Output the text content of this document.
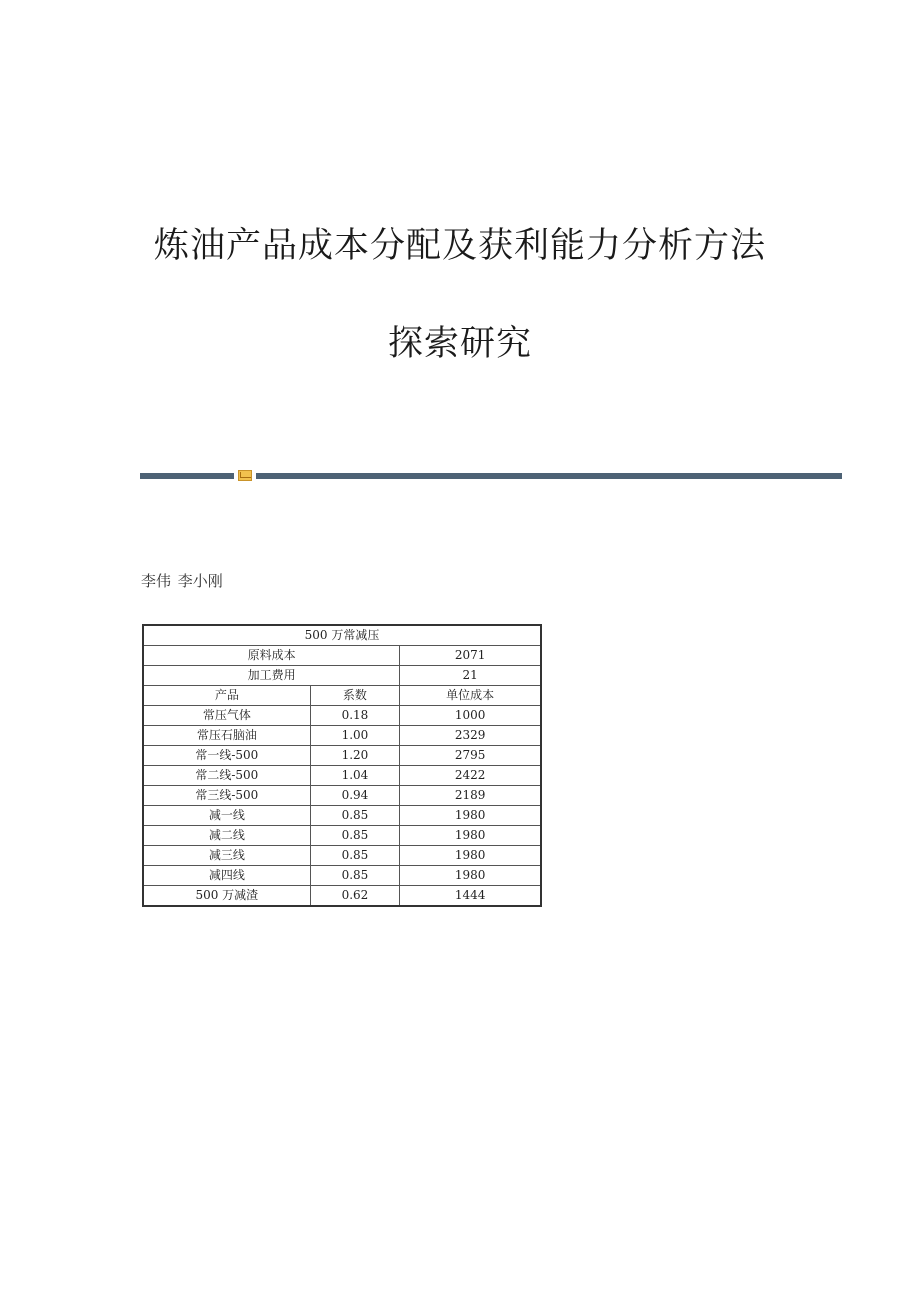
炼油产品成本分配及获利能力分析方法
探索研究
李伟 李小刚
500 万常减压		
原料成本		2071
加工费用		21
产品	系数	单位成本
常压气体	0.18	1000
常压石脑油	1.00	2329
常一线-500	1.20	2795
常二线-500	1.04	2422
常三线-500	0.94	2189
减一线	0.85	1980
减二线	0.85	1980
减三线	0.85	1980
减四线	0.85	1980
500 万减渣	0.62	1444
